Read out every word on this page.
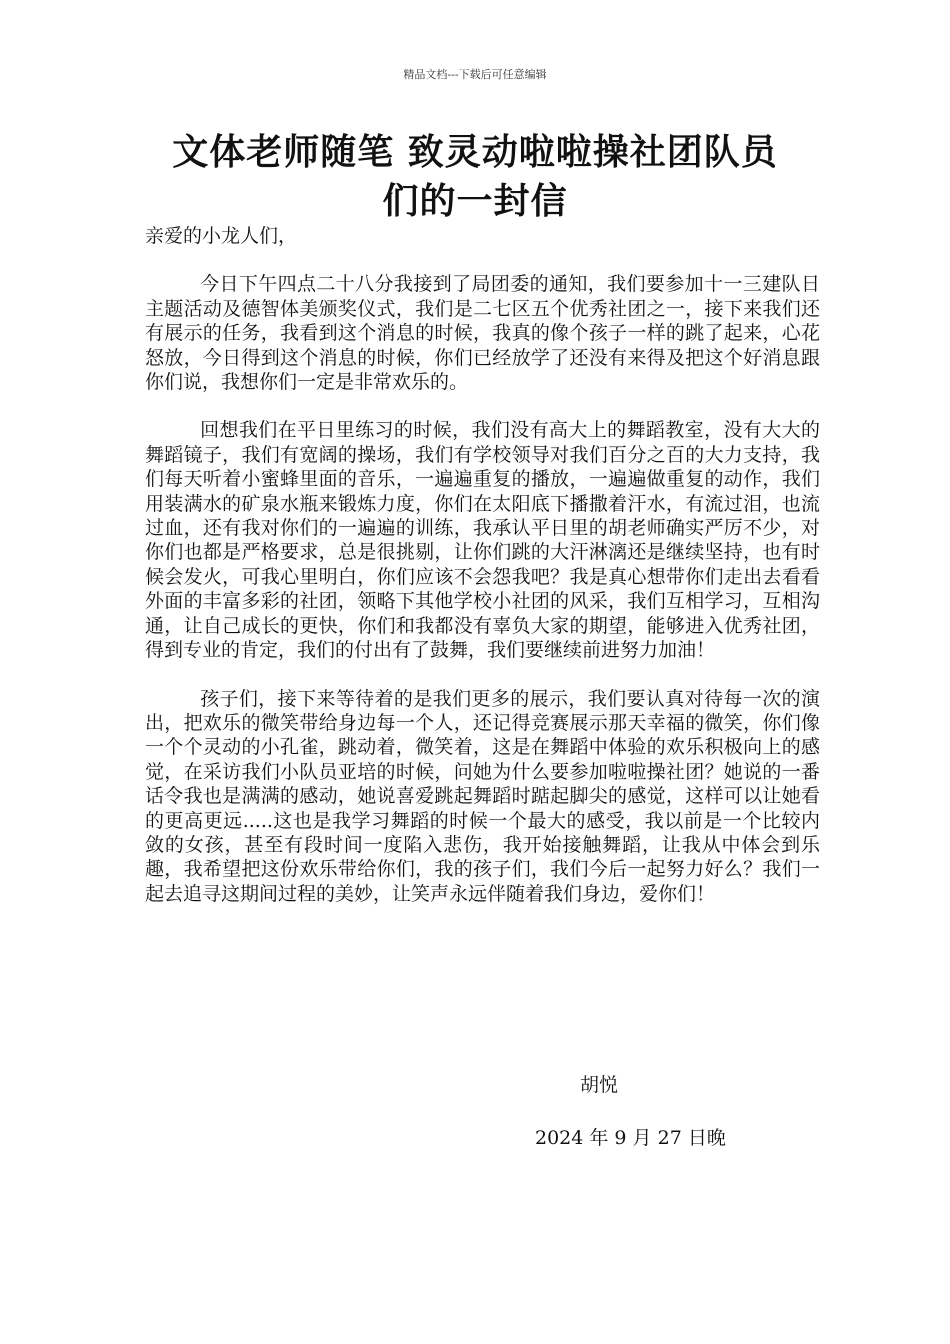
精品文档---下载后可任意编辑
文体老师随笔 致灵动啦啦操社团队员
们的一封信

亲爱的小龙人们，

今日下午四点二十八分我接到了局团委的通知，我们要参加十一三建队日主题活动及德智体美颁奖仪式，我们是二七区五个优秀社团之一，接下来我们还有展示的任务，我看到这个消息的时候，我真的像个孩子一样的跳了起来，心花怒放，今日得到这个消息的时候，你们已经放学了还没有来得及把这个好消息跟你们说，我想你们一定是非常欢乐的。

回想我们在平日里练习的时候，我们没有高大上的舞蹈教室，没有大大的舞蹈镜子，我们有宽阔的操场，我们有学校领导对我们百分之百的大力支持，我们每天听着小蜜蜂里面的音乐，一遍遍重复的播放，一遍遍做重复的动作，我们用装满水的矿泉水瓶来锻炼力度，你们在太阳底下播撒着汗水，有流过泪，也流过血，还有我对你们的一遍遍的训练，我承认平日里的胡老师确实严厉不少，对你们也都是严格要求，总是很挑剔，让你们跳的大汗淋漓还是继续坚持，也有时候会发火，可我心里明白，你们应该不会怨我吧？我是真心想带你们走出去看看外面的丰富多彩的社团，领略下其他学校小社团的风采，我们互相学习，互相沟通，让自己成长的更快，你们和我都没有辜负大家的期望，能够进入优秀社团，得到专业的肯定，我们的付出有了鼓舞，我们要继续前进努力加油！

孩子们，接下来等待着的是我们更多的展示，我们要认真对待每一次的演出，把欢乐的微笑带给身边每一个人，还记得竞赛展示那天幸福的微笑，你们像一个个灵动的小孔雀，跳动着，微笑着，这是在舞蹈中体验的欢乐积极向上的感觉，在采访我们小队员亚培的时候，问她为什么要参加啦啦操社团？她说的一番话令我也是满满的感动，她说喜爱跳起舞蹈时踮起脚尖的感觉，这样可以让她看的更高更远.....这也是我学习舞蹈的时候一个最大的感受，我以前是一个比较内敛的女孩，甚至有段时间一度陷入悲伤，我开始接触舞蹈，让我从中体会到乐趣，我希望把这份欢乐带给你们，我的孩子们，我们今后一起努力好么？我们一起去追寻这期间过程的美妙，让笑声永远伴随着我们身边，爱你们！

胡悦
2024 年 9 月 27 日晚
